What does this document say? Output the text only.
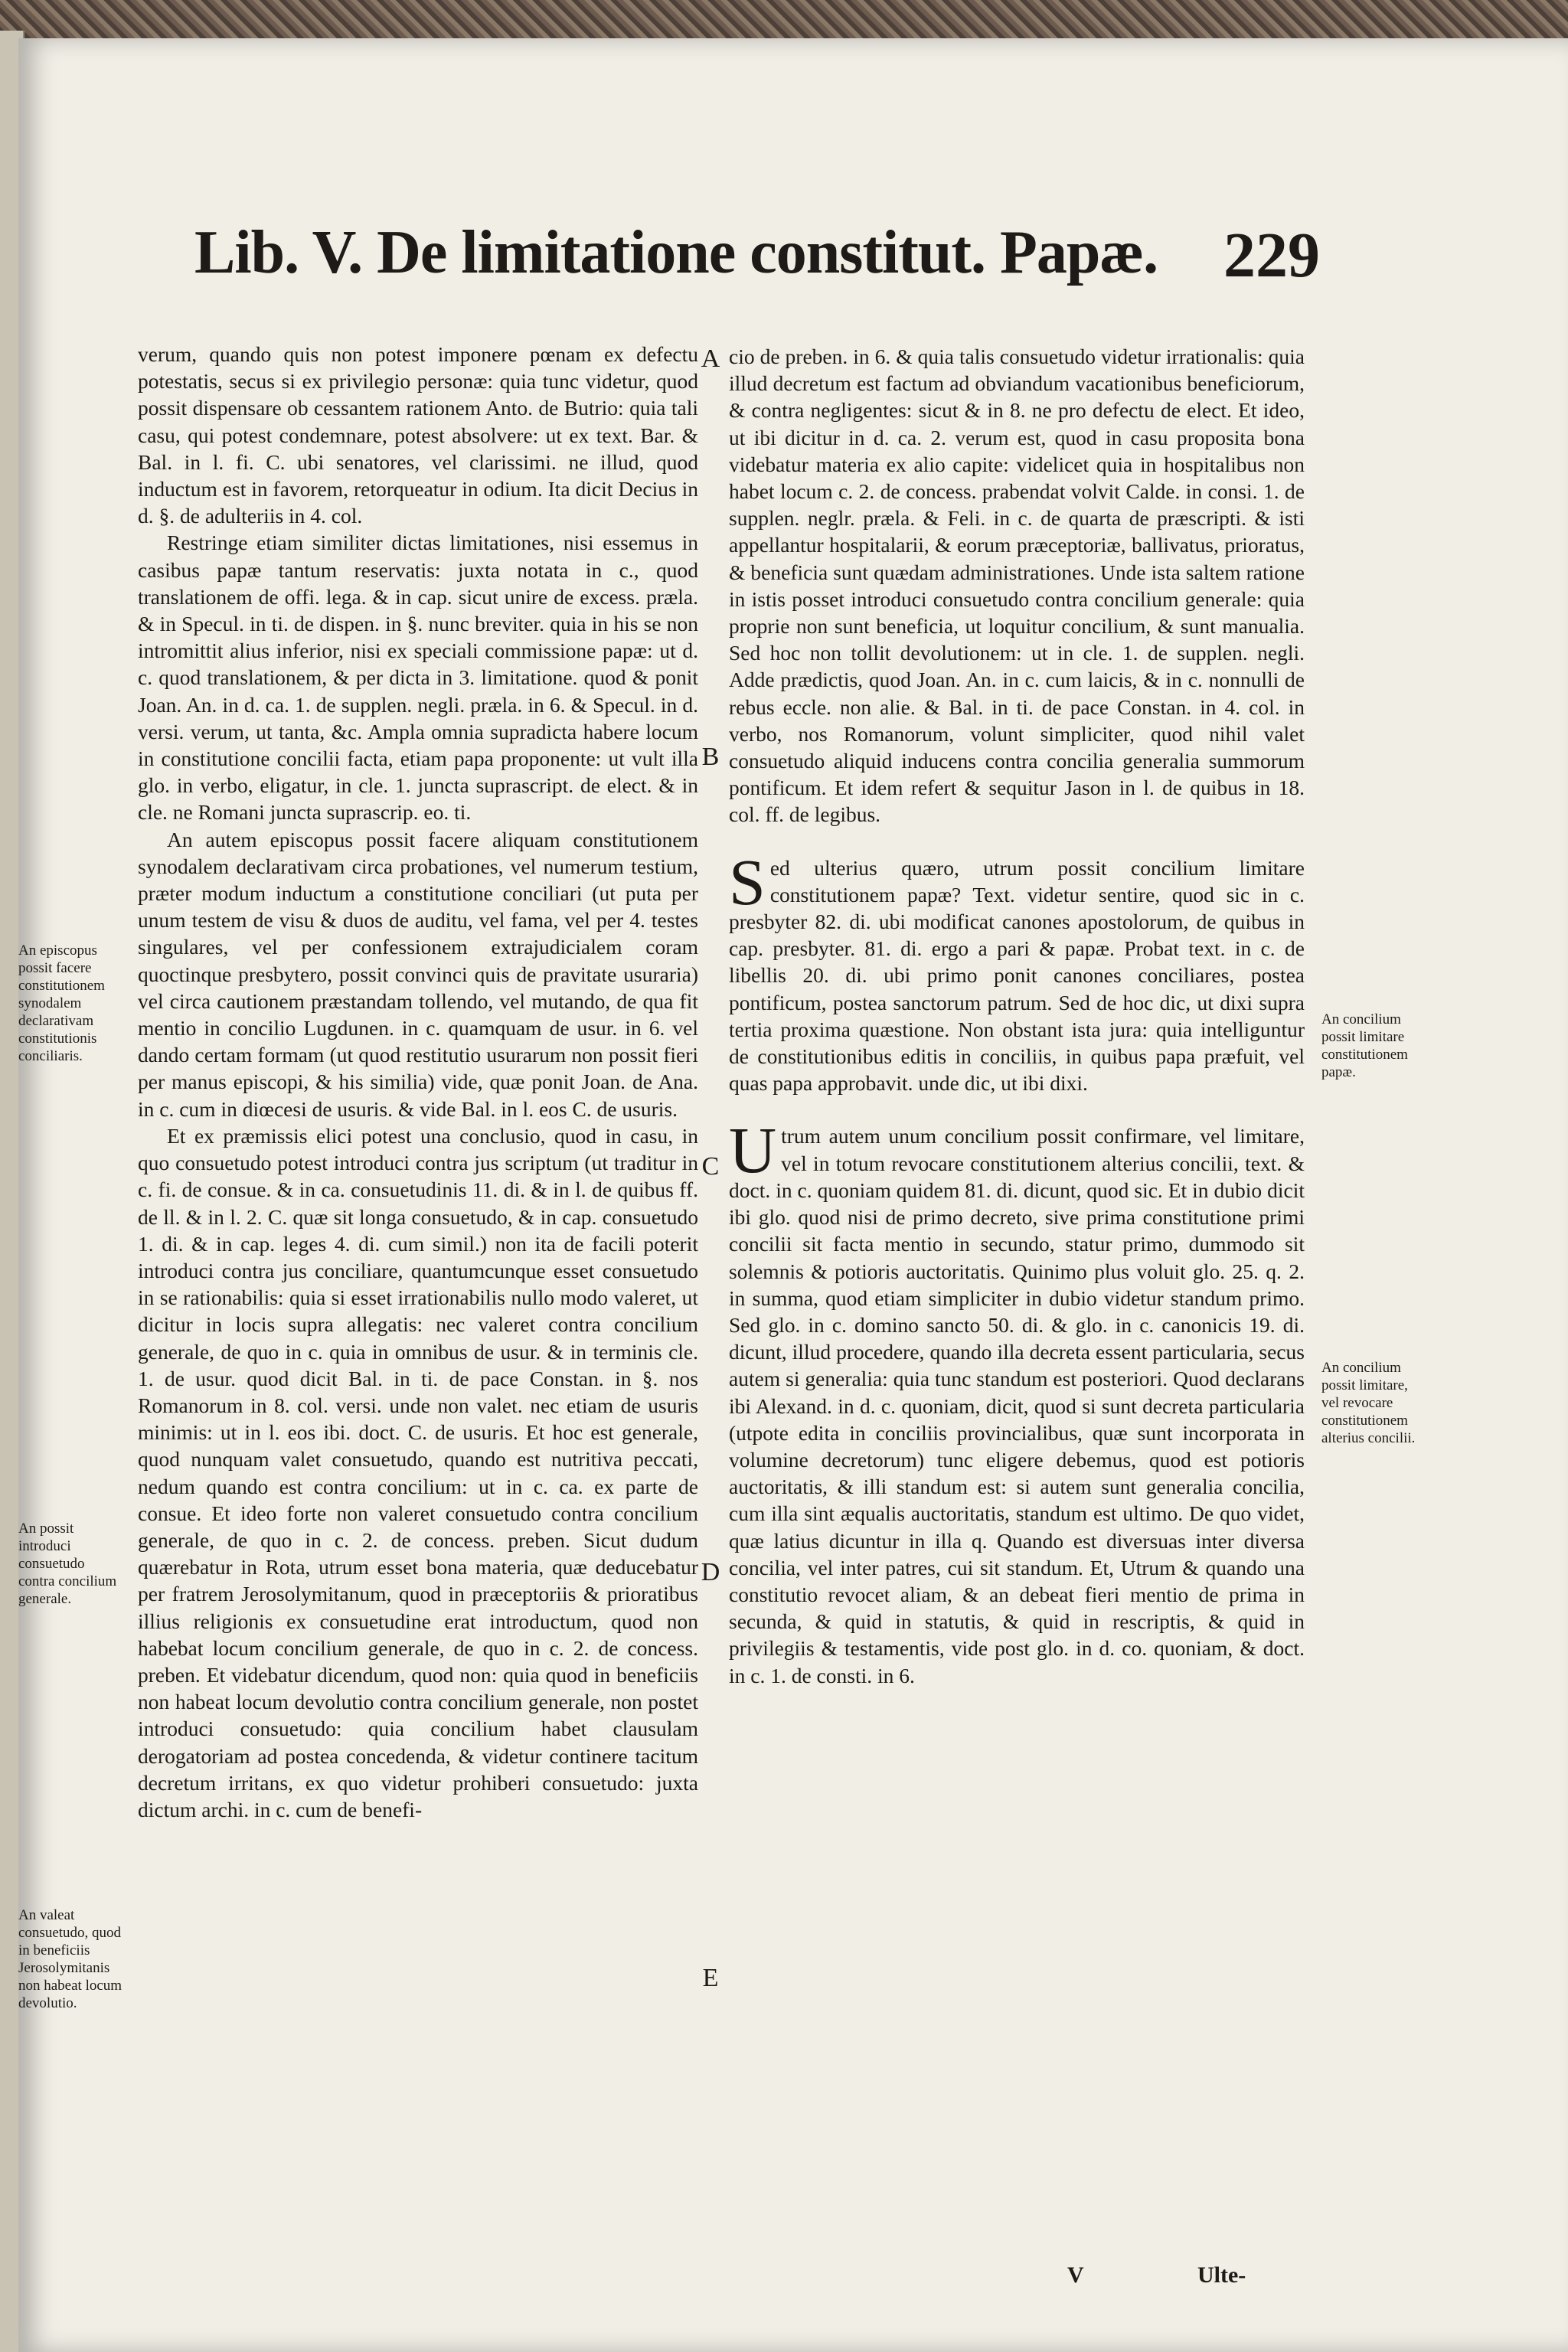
Lib. V. De limitatione constitut. Papæ. 229
A
B
C
D
E

verum, quando quis non potest imponere pœnam ex defectu potestatis, secus si ex privilegio personæ: quia tunc videtur, quod possit dispensare ob cessantem rationem Anto. de Butrio: quia tali casu, qui potest condemnare, potest absolvere: ut ex text. Bar. & Bal. in l. fi. C. ubi senatores, vel clarissimi. ne illud, quod inductum est in favorem, retorqueatur in odium. Ita dicit Decius in d. §. de adulteriis in 4. col.

Restringe etiam similiter dictas limitationes, nisi essemus in casibus papæ tantum reservatis: juxta notata in c., quod translationem de offi. lega. & in cap. sicut unire de excess. præla. & in Specul. in ti. de dispen. in §. nunc breviter. quia in his se non intromittit alius inferior, nisi ex speciali commissione papæ: ut d. c. quod translationem, & per dicta in 3. limitatione. quod & ponit Joan. An. in d. ca. 1. de supplen. negli. præla. in 6. & Specul. in d. versi. verum, ut tanta, &c. Ampla omnia supradicta habere locum in constitutione concilii facta, etiam papa proponente: ut vult illa glo. in verbo, eligatur, in cle. 1. juncta suprascript. de elect. & in cle. ne Romani juncta suprascrip. eo. ti.

An autem episcopus possit facere aliquam constitutionem synodalem declarativam circa probationes, vel numerum testium, præter modum inductum a constitutione conciliari (ut puta per unum testem de visu & duos de auditu, vel fama, vel per 4. testes singulares, vel per confessionem extrajudicialem coram quoctinque presbytero, possit convinci quis de pravitate usuraria) vel circa cautionem præstandam tollendo, vel mutando, de qua fit mentio in concilio Lugdunen. in c. quamquam de usur. in 6. vel dando certam formam (ut quod restitutio usurarum non possit fieri per manus episcopi, & his similia) vide, quæ ponit Joan. de Ana. in c. cum in diœcesi de usuris. & vide Bal. in l. eos C. de usuris.

Et ex præmissis elici potest una conclusio, quod in casu, in quo consuetudo potest introduci contra jus scriptum (ut traditur in c. fi. de consue. & in ca. consuetudinis 11. di. & in l. de quibus ff. de ll. & in l. 2. C. quæ sit longa consuetudo, & in cap. consuetudo 1. di. & in cap. leges 4. di. cum simil.) non ita de facili poterit introduci contra jus conciliare, quantumcunque esset consuetudo in se rationabilis: quia si esset irrationabilis nullo modo valeret, ut dicitur in locis supra allegatis: nec valeret contra concilium generale, de quo in c. quia in omnibus de usur. & in terminis cle. 1. de usur. quod dicit Bal. in ti. de pace Constan. in §. nos Romanorum in 8. col. versi. unde non valet. nec etiam de usuris minimis: ut in l. eos ibi. doct. C. de usuris. Et hoc est generale, quod nunquam valet consuetudo, quando est nutritiva peccati, nedum quando est contra concilium: ut in c. ca. ex parte de consue. Et ideo forte non valeret consuetudo contra concilium generale, de quo in c. 2. de concess. preben. Sicut dudum quærebatur in Rota, utrum esset bona materia, quæ deducebatur per fratrem Jerosolymitanum, quod in præceptoriis & prioratibus illius religionis ex consuetudine erat introductum, quod non habebat locum concilium generale, de quo in c. 2. de concess. preben. Et videbatur dicendum, quod non: quia quod in beneficiis non habeat locum devolutio contra concilium generale, non postet introduci consuetudo: quia concilium habet clausulam derogatoriam ad postea concedenda, & videtur continere tacitum decretum irritans, ex quo videtur prohiberi consuetudo: juxta dictum archi. in c. cum de benefi-

cio de preben. in 6. & quia talis consuetudo videtur irrationalis: quia illud decretum est factum ad obviandum vacationibus beneficiorum, & contra negligentes: sicut & in 8. ne pro defectu de elect. Et ideo, ut ibi dicitur in d. ca. 2. verum est, quod in casu proposita bona videbatur materia ex alio capite: videlicet quia in hospitalibus non habet locum c. 2. de concess. prabendat volvit Calde. in consi. 1. de supplen. neglr. præla. & Feli. in c. de quarta de præscripti. & isti appellantur hospitalarii, & eorum præceptoriæ, ballivatus, prioratus, & beneficia sunt quædam administrationes. Unde ista saltem ratione in istis posset introduci consuetudo contra concilium generale: quia proprie non sunt beneficia, ut loquitur concilium, & sunt manualia. Sed hoc non tollit devolutionem: ut in cle. 1. de supplen. negli. Adde prædictis, quod Joan. An. in c. cum laicis, & in c. nonnulli de rebus eccle. non alie. & Bal. in ti. de pace Constan. in 4. col. in verbo, nos Romanorum, volunt simpliciter, quod nihil valet consuetudo aliquid inducens contra concilia generalia summorum pontificum. Et idem refert & sequitur Jason in l. de quibus in 18. col. ff. de legibus.

Sed ulterius quæro, utrum possit concilium limitare constitutionem papæ? Text. videtur sentire, quod sic in c. presbyter 82. di. ubi modificat canones apostolorum, de quibus in cap. presbyter. 81. di. ergo a pari & papæ. Probat text. in c. de libellis 20. di. ubi primo ponit canones conciliares, postea pontificum, postea sanctorum patrum. Sed de hoc dic, ut dixi supra tertia proxima quæstione. Non obstant ista jura: quia intelliguntur de constitutionibus editis in conciliis, in quibus papa præfuit, vel quas papa approbavit. unde dic, ut ibi dixi.

Utrum autem unum concilium possit confirmare, vel limitare, vel in totum revocare constitutionem alterius concilii, text. & doct. in c. quoniam quidem 81. di. dicunt, quod sic. Et in dubio dicit ibi glo. quod nisi de primo decreto, sive prima constitutione primi concilii sit facta mentio in secundo, statur primo, dummodo sit solemnis & potioris auctoritatis. Quinimo plus voluit glo. 25. q. 2. in summa, quod etiam simpliciter in dubio videtur standum primo. Sed glo. in c. domino sancto 50. di. & glo. in c. canonicis 19. di. dicunt, illud procedere, quando illa decreta essent particularia, secus autem si generalia: quia tunc standum est posteriori. Quod declarans ibi Alexand. in d. c. quoniam, dicit, quod si sunt decreta particularia (utpote edita in conciliis provincialibus, quæ sunt incorporata in volumine decretorum) tunc eligere debemus, quod est potioris auctoritatis, & illi standum est: si autem sunt generalia concilia, cum illa sint æqualis auctoritatis, standum est ultimo. De quo videt, quæ latius dicuntur in illa q. Quando est diversuas inter diversa concilia, vel inter patres, cui sit standum. Et, Utrum & quando una constitutio revocet aliam, & an debeat fieri mentio de prima in secunda, & quid in statutis, & quid in rescriptis, & quid in privilegiis & testamentis, vide post glo. in d. co. quoniam, & doct. in c. 1. de consti. in 6.

An episcopus possit facere constitutionem synodalem declarativam constitutionis conciliaris.
An possit introduci consuetudo contra concilium generale.
An valeat consuetudo, quod in beneficiis Jerosolymitanis non habeat locum devolutio.
An concilium possit limitare constitutionem papæ.
An concilium possit limitare, vel revocare constitutionem alterius concilii.
V	Ulte-
